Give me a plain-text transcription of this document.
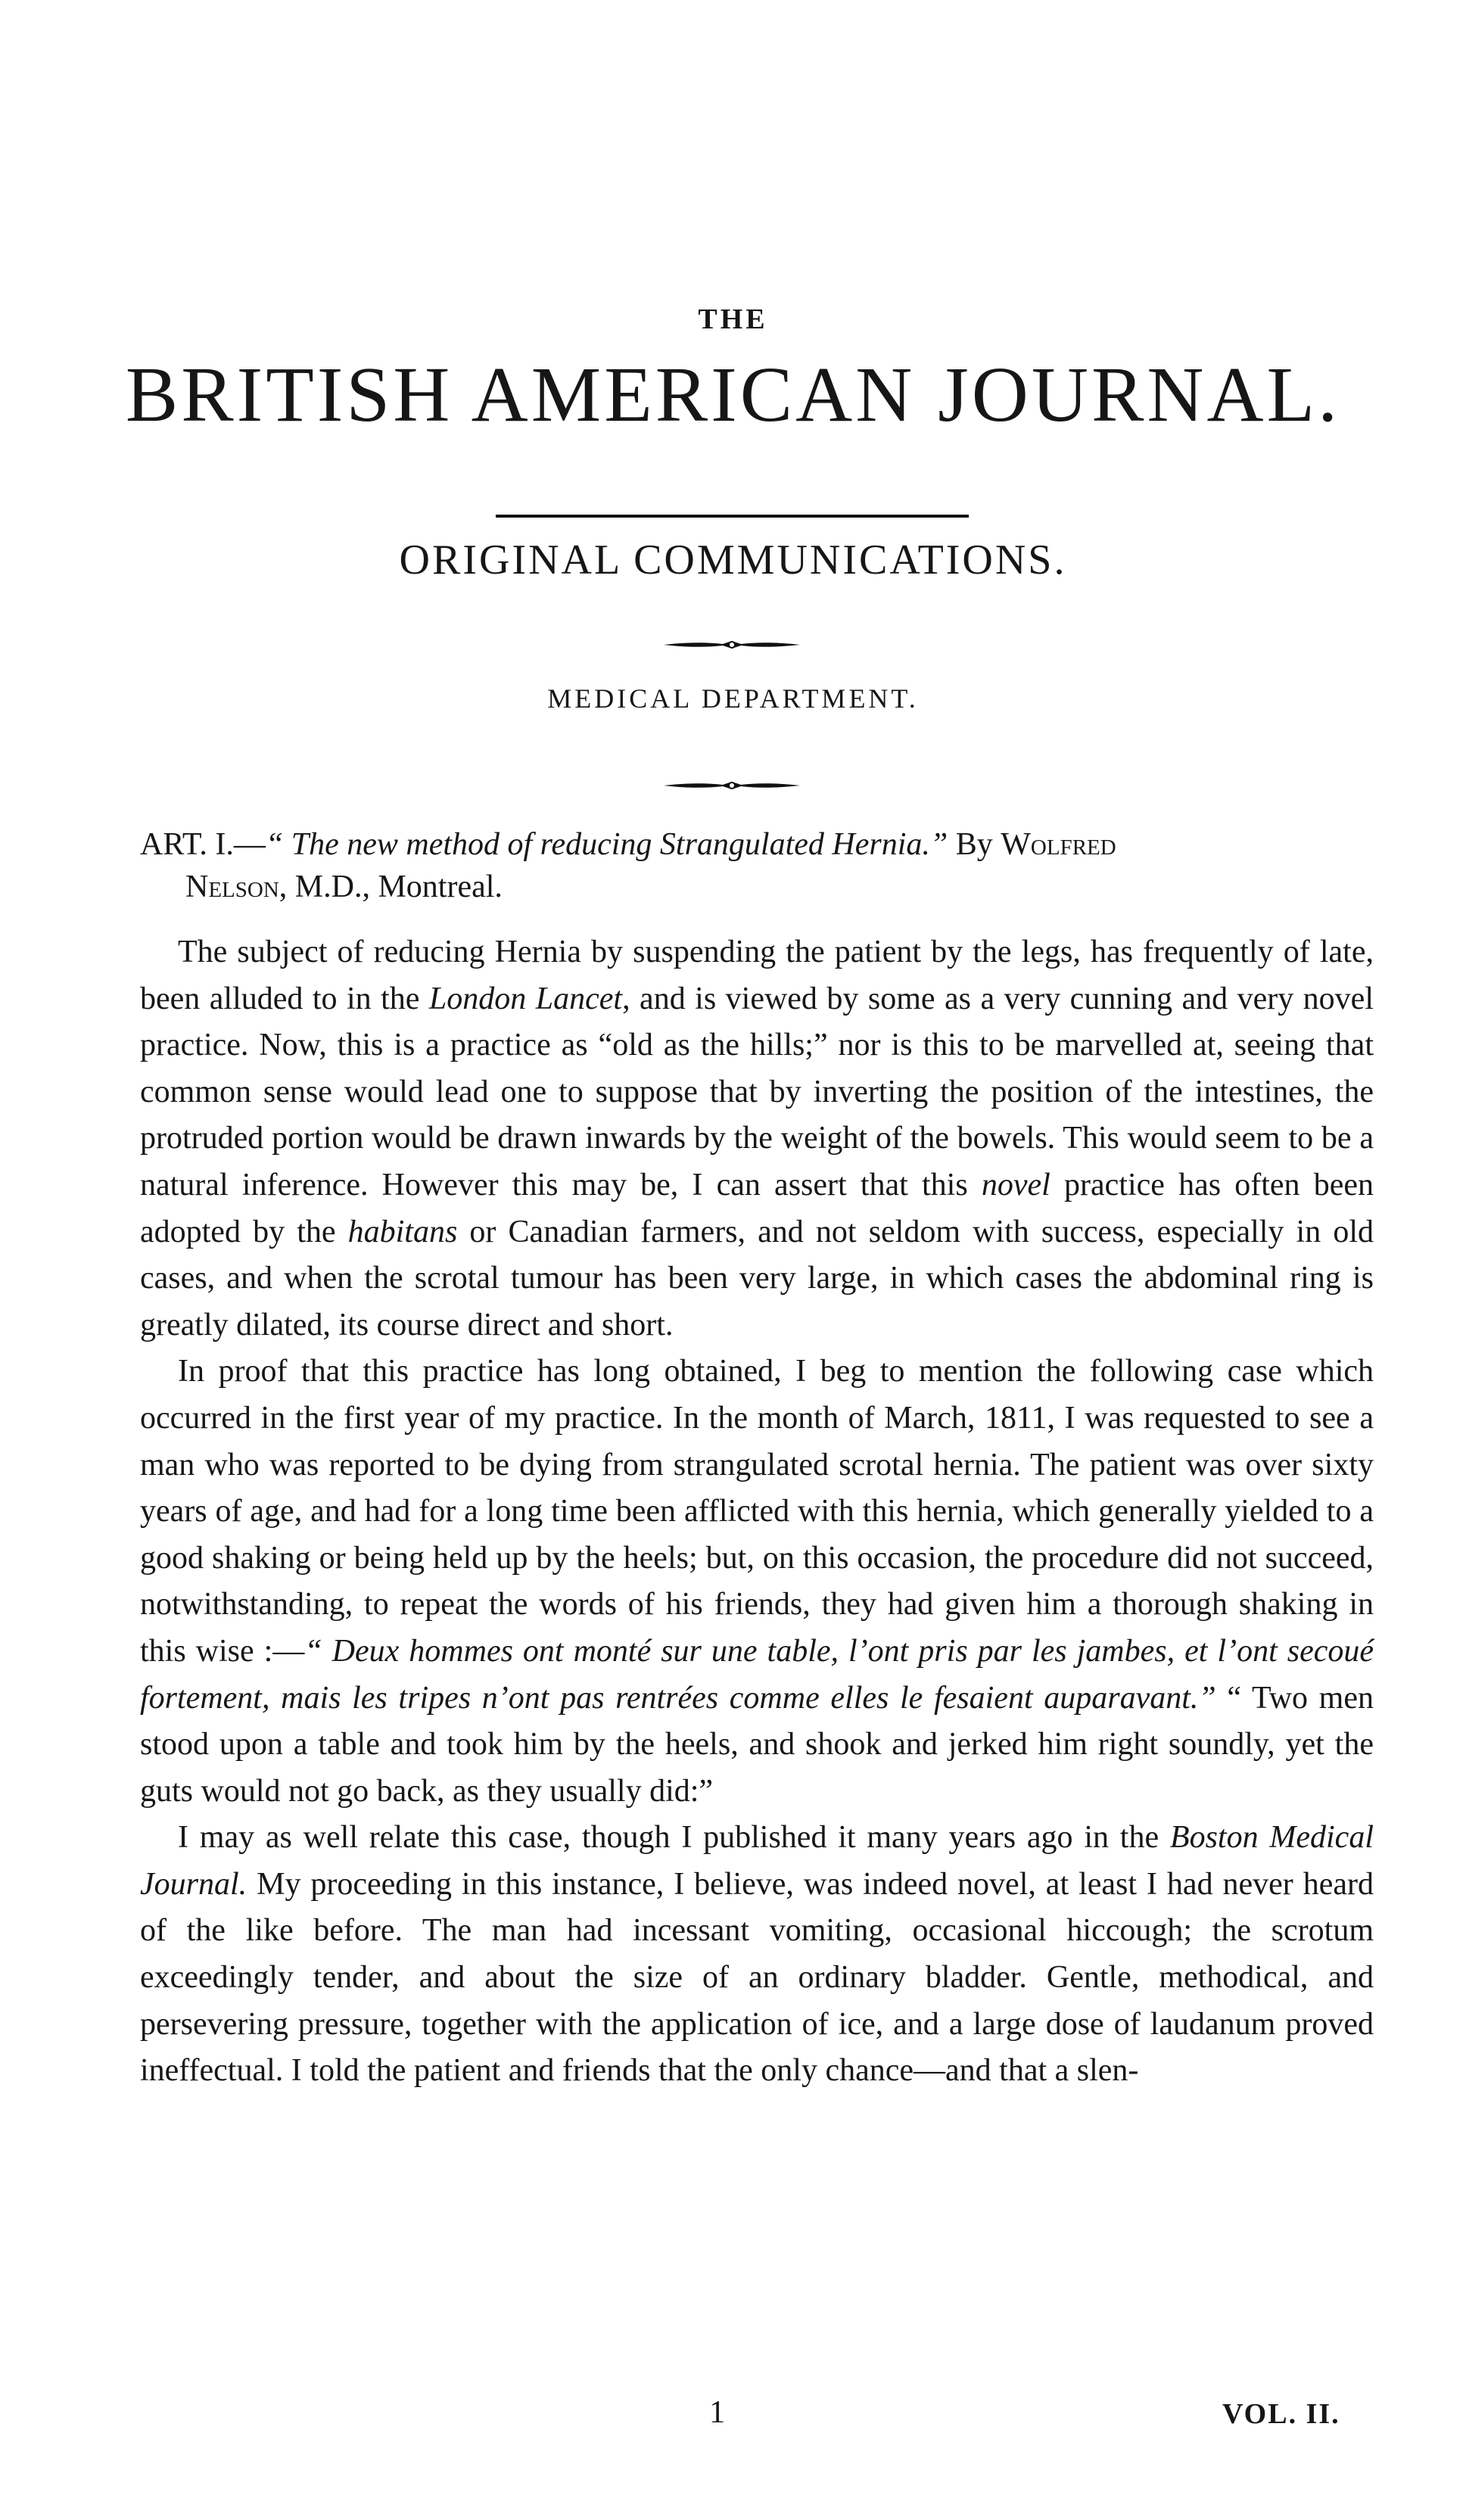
THE
BRITISH AMERICAN JOURNAL.
ORIGINAL COMMUNICATIONS.
MEDICAL DEPARTMENT.
ART. I.—“ The new method of reducing Strangulated Hernia.” By Wolfred
Nelson, M.D., Montreal.

The subject of reducing Hernia by suspending the patient by the legs, has frequently of late, been alluded to in the London Lancet, and is viewed by some as a very cunning and very novel practice. Now, this is a practice as “old as the hills;” nor is this to be marvelled at, seeing that common sense would lead one to suppose that by inverting the position of the intestines, the protruded portion would be drawn inwards by the weight of the bowels. This would seem to be a natural inference. However this may be, I can assert that this novel practice has often been adopted by the habitans or Canadian farmers, and not seldom with success, especially in old cases, and when the scrotal tumour has been very large, in which cases the abdominal ring is greatly dilated, its course direct and short.

In proof that this practice has long obtained, I beg to mention the following case which occurred in the first year of my practice. In the month of March, 1811, I was requested to see a man who was reported to be dying from strangulated scrotal hernia. The patient was over sixty years of age, and had for a long time been afflicted with this hernia, which generally yielded to a good shaking or being held up by the heels; but, on this occasion, the procedure did not succeed, notwithstanding, to repeat the words of his friends, they had given him a thorough shaking in this wise :—“ Deux hommes ont monté sur une table, l’ont pris par les jambes, et l’ont secoué fortement, mais les tripes n’ont pas rentrées comme elles le fesaient auparavant.” “ Two men stood upon a table and took him by the heels, and shook and jerked him right soundly, yet the guts would not go back, as they usually did:”

I may as well relate this case, though I published it many years ago in the Boston Medical Journal. My proceeding in this instance, I believe, was indeed novel, at least I had never heard of the like before. The man had incessant vomiting, occasional hiccough; the scrotum exceedingly tender, and about the size of an ordinary bladder. Gentle, methodical, and persevering pressure, together with the application of ice, and a large dose of laudanum proved ineffectual. I told the patient and friends that the only chance—and that a slen-

1	VOL. II.
